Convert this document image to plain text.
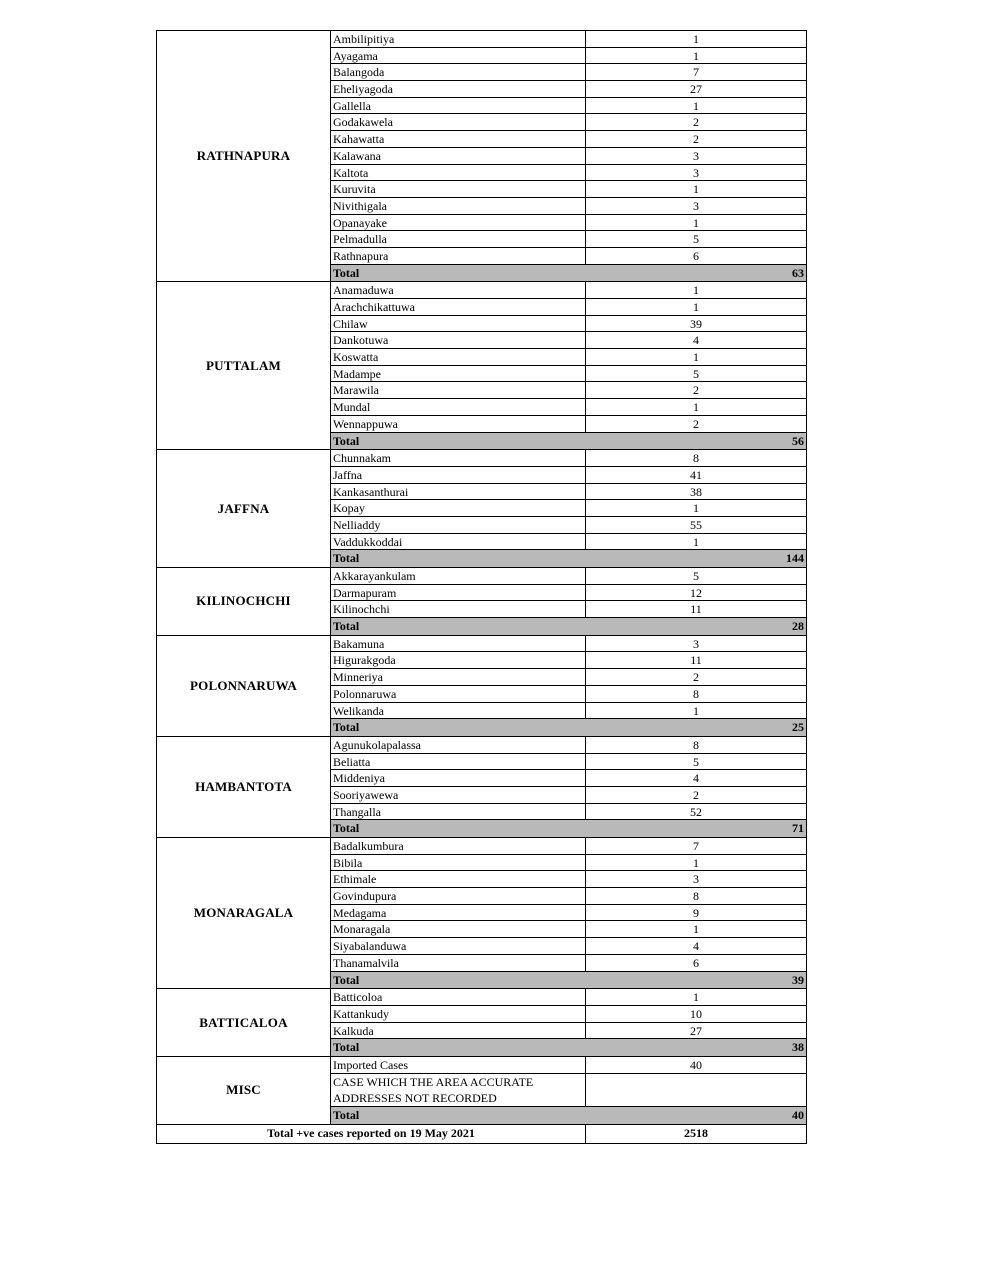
RATHNAPURA
Ambilipitiya	1
Ayagama	1
Balangoda	7
Eheliyagoda	27
Gallella	1
Godakawela	2
Kahawatta	2
Kalawana	3
Kaltota	3
Kuruvita	1
Nivithigala	3
Opanayake	1
Pelmadulla	5
Rathnapura	6
Total	63
PUTTALAM
Anamaduwa	1
Arachchikattuwa	1
Chilaw	39
Dankotuwa	4
Koswatta	1
Madampe	5
Marawila	2
Mundal	1
Wennappuwa	2
Total	56
JAFFNA
Chunnakam	8
Jaffna	41
Kankasanthurai	38
Kopay	1
Nelliaddy	55
Vaddukkoddai	1
Total	144
KILINOCHCHI
Akkarayankulam	5
Darmapuram	12
Kilinochchi	11
Total	28
POLONNARUWA
Bakamuna	3
Higurakgoda	11
Minneriya	2
Polonnaruwa	8
Welikanda	1
Total	25
HAMBANTOTA
Agunukolapalassa	8
Beliatta	5
Middeniya	4
Sooriyawewa	2
Thangalla	52
Total	71
MONARAGALA
Badalkumbura	7
Bibila	1
Ethimale	3
Govindupura	8
Medagama	9
Monaragala	1
Siyabalanduwa	4
Thanamalvila	6
Total	39
BATTICALOA
Batticoloa	1
Kattankudy	10
Kalkuda	27
Total	38
MISC
Imported Cases	40
CASE WHICH THE AREA ACCURATE
ADDRESSES NOT RECORDED
Total	40
Total +ve cases reported on 19 May 2021	2518
